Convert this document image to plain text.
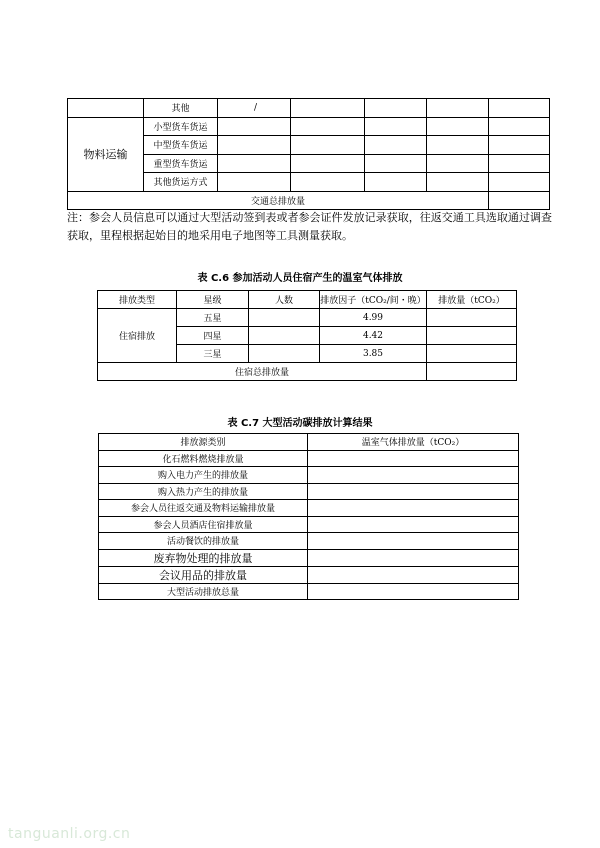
	其他	/				
物料运输	小型货车货运					
	中型货车货运					
	重型货车货运					
	其他货运方式					
交通总排放量						
注：参会人员信息可以通过大型活动签到表或者参会证件发放记录获取，往返交通工具选取通过调查获取，里程根据起始目的地采用电子地图等工具测量获取。
表 C.6 参加活动人员住宿产生的温室气体排放
排放类型	星级	人数	排放因子（tCO₂/间・晚）	排放量（tCO₂）
住宿排放	五星		4.99	
	四星		4.42	
	三星		3.85	
住宿总排放量				
表 C.7 大型活动碳排放计算结果
排放源类别	温室气体排放量（tCO₂）
化石燃料燃烧排放量	
购入电力产生的排放量	
购入热力产生的排放量	
参会人员往返交通及物料运输排放量	
参会人员酒店住宿排放量	
活动餐饮的排放量	
废弃物处理的排放量	
会议用品的排放量	
大型活动排放总量	
tanguanli.org.cn
